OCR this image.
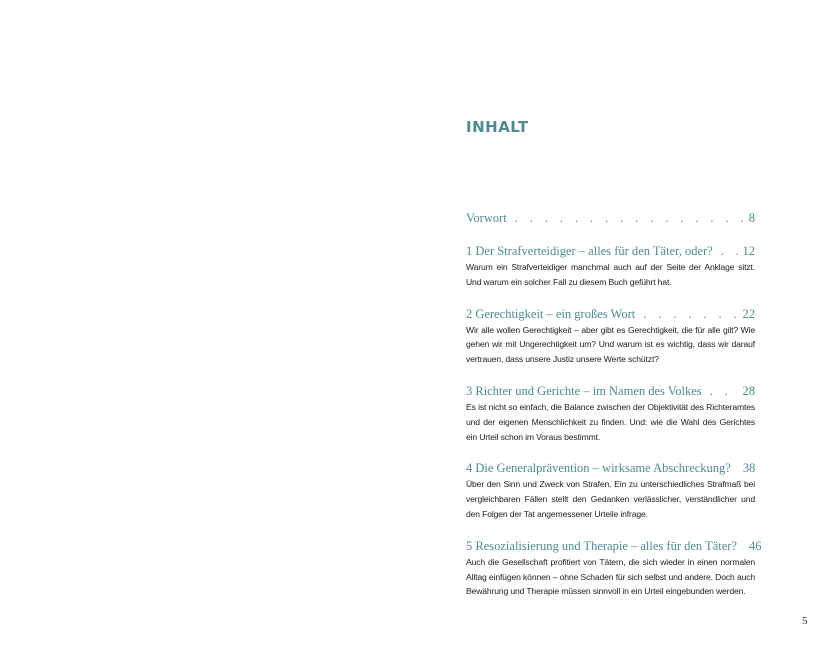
INHALT
Vorwort . . .	8
1 Der Strafverteidiger – alles für den Täter, oder? . . .	12

Warum ein Strafverteidiger manchmal auch auf der Seite der Anklage sitzt. Und warum ein solcher Fall zu diesem Buch geführt hat.

2 Gerechtigkeit – ein großes Wort . . .	22

Wir alle wollen Gerechtigkeit – aber gibt es Gerechtigkeit, die für alle gilt? Wie gehen wir mit Ungerechtigkeit um? Und warum ist es wichtig, dass wir darauf vertrauen, dass unsere Justiz unsere Werte schützt?

3 Richter und Gerichte – im Namen des Volkes . . .	28

Es ist nicht so einfach, die Balance zwischen der Objektivität des Richteramtes und der eigenen Menschlichkeit zu finden. Und: wie die Wahl des Gerichtes ein Urteil schon im Voraus bestimmt.

4 Die Generalprävention – wirksame Abschreckung? . . . 38

Über den Sinn und Zweck von Strafen. Ein zu unterschiedliches Strafmaß bei vergleichbaren Fällen stellt den Gedanken verlässlicher, verständlicher und den Folgen der Tat angemessener Urteile infrage.

5 Resozialisierung und Therapie – alles für den Täter? . . . 46

Auch die Gesellschaft profitiert von Tätern, die sich wieder in einen normalen Alltag einfügen können – ohne Schaden für sich selbst und andere. Doch auch Bewährung und Therapie müssen sinnvoll in ein Urteil eingebunden werden.

5
